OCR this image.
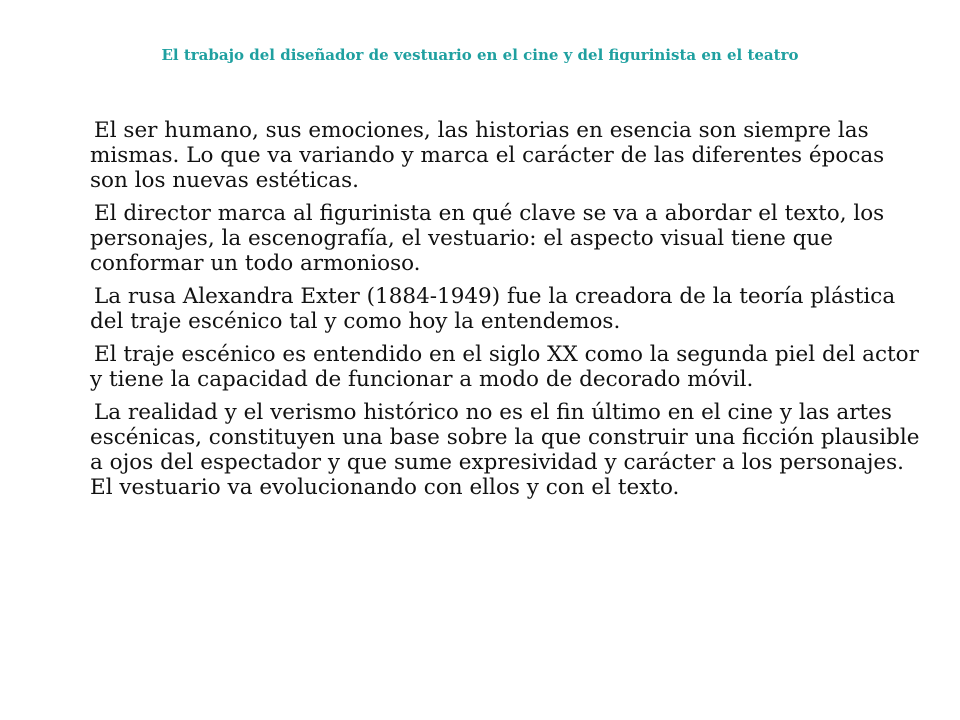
El trabajo del diseñador de vestuario en el cine y del figurinista en el teatro

El ser humano, sus emociones, las historias en esencia son siempre las mismas. Lo que va variando y marca el carácter de las diferentes épocas son los nuevas estéticas.

El director marca al figurinista en qué clave se va a abordar el texto, los personajes, la escenografía, el vestuario: el aspecto visual tiene que conformar un todo armonioso.

La rusa Alexandra Exter (1884-1949) fue la creadora de la teoría plástica del traje escénico tal y como hoy la entendemos.

El traje escénico es entendido en el siglo XX como la segunda piel del actor y tiene la capacidad de funcionar a modo de decorado móvil.

La realidad y el verismo histórico no es el fin último en el cine y las artes escénicas, constituyen una base sobre la que construir una ficción plausible a ojos del espectador y que sume expresividad y carácter a los personajes. El vestuario va evolucionando con ellos y con el texto.
